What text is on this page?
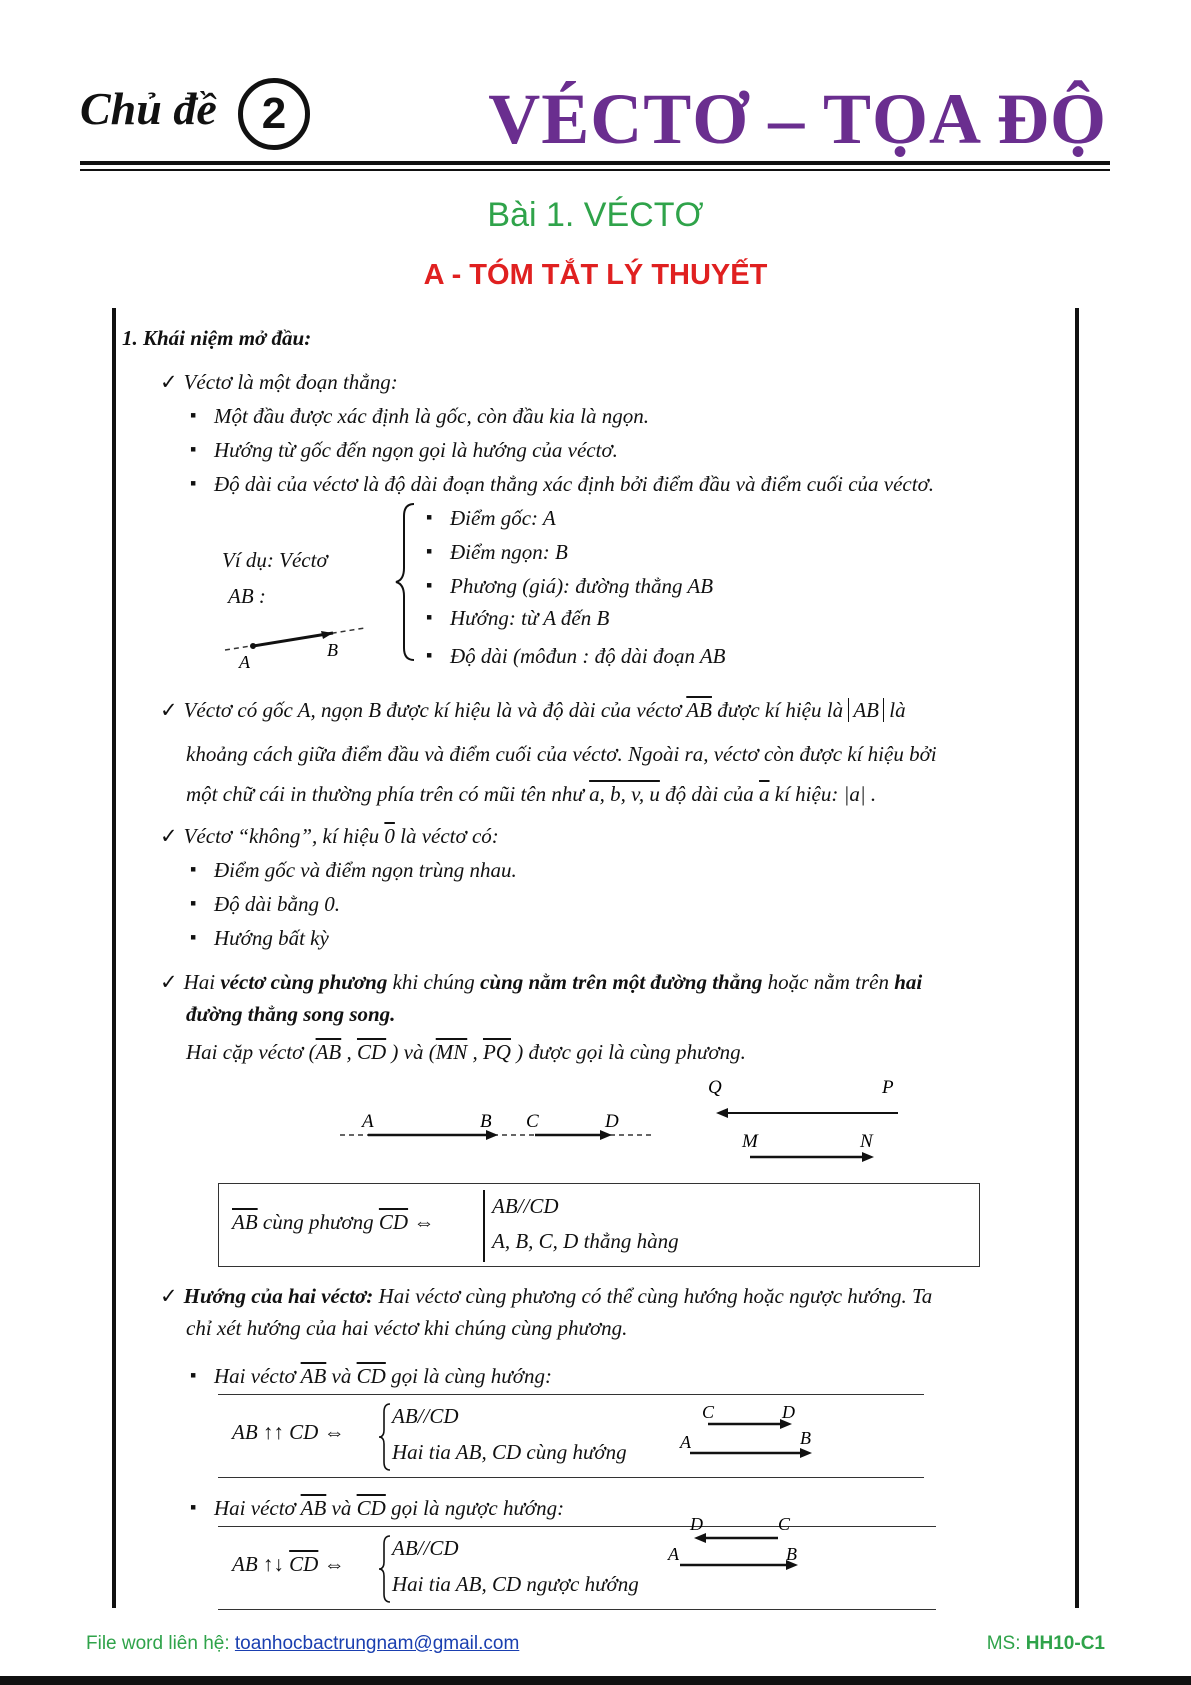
Chủ đề	2	VÉCTƠ – TỌA ĐỘ
Bài 1. VÉCTƠ
A - TÓM TẮT LÝ THUYẾT
1. Khái niệm mở đầu:
✓ Véctơ là một đoạn thẳng:
▪ Một đầu được xác định là gốc, còn đầu kia là ngọn.
▪ Hướng từ gốc đến ngọn gọi là hướng của véctơ.
▪ Độ dài của véctơ là độ dài đoạn thẳng xác định bởi điểm đầu và điểm cuối của véctơ.
Ví dụ: Véctơ
AB :
A
B
▪ Điểm gốc: A
▪ Điểm ngọn: B
▪ Phương (giá): đường thẳng AB
▪ Hướng: từ A đến B
▪ Độ dài (môđun : độ dài đoạn AB
✓ Véctơ có gốc A, ngọn B được kí hiệu là và độ dài của véctơ $\overline{AB}$ được kí hiệu là AB là
khoảng cách giữa điểm đầu và điểm cuối của véctơ. Ngoài ra, véctơ còn được kí hiệu bởi
một chữ cái in thường phía trên có mũi tên như a, b, v, u độ dài của $\overline{a}$ kí hiệu: |a| .
✓ Véctơ “không”, kí hiệu 0 là véctơ có:
▪ Điểm gốc và điểm ngọn trùng nhau.
▪ Độ dài bằng 0.
▪ Hướng bất kỳ
✓ Hai véctơ cùng phương khi chúng cùng nằm trên một đường thẳng hoặc nằm trên hai
đường thẳng song song.
Hai cặp véctơ ($\overline{AB}$ , $\overline{CD}$ ) và ($\overline{MN}$ , $\overline{PQ}$ ) được gọi là cùng phương.
A	B C	D
Q	P
M	N
$\overline{AB}$ cùng phương $\overline{CD}$ ⇔
AB//CD
A, B, C, D thẳng hàng
✓ Hướng của hai véctơ: Hai véctơ cùng phương có thể cùng hướng hoặc ngược hướng. Ta
chỉ xét hướng của hai véctơ khi chúng cùng phương.
▪ Hai véctơ $\overline{AB}$ và $\overline{CD}$ gọi là cùng hướng:
AB ↑↑ CD ⇔
AB//CD
Hai tia AB, CD cùng hướng
C	D
A	B
▪ Hai véctơ $\overline{AB}$ và $\overline{CD}$ gọi là ngược hướng:
AB ↑↓ $\overline{CD}$ ⇔
AB//CD
Hai tia AB, CD ngược hướng
D	C
A	B
File word liên hệ: toanhocbactrungnam@gmail.com	MS: HH10-C1
